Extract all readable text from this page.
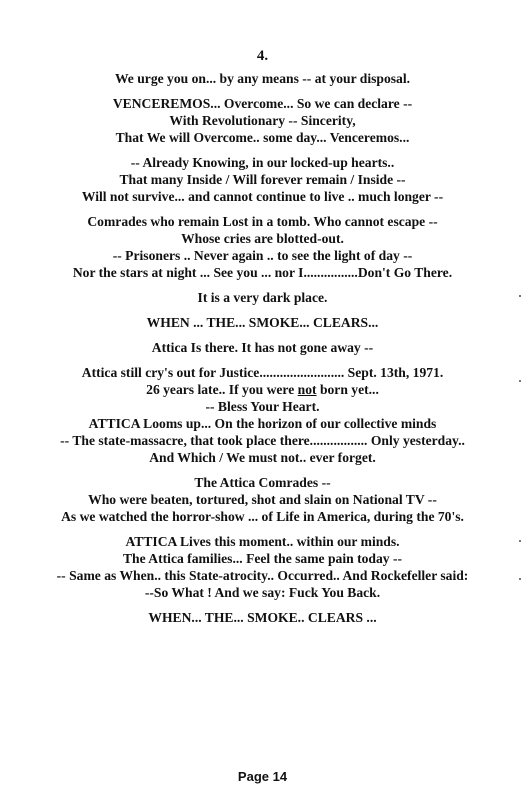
4.
We urge you on... by any means -- at your disposal.
VENCEREMOS... Overcome... So we can declare --
With Revolutionary -- Sincerity,
That We will Overcome.. some day... Venceremos...
-- Already Knowing, in our locked-up hearts..
That many Inside / Will forever remain / Inside --
Will not survive... and cannot continue to live .. much longer --
Comrades who remain Lost in a tomb. Who cannot escape --
Whose cries are blotted-out.
-- Prisoners .. Never again .. to see the light of day --
Nor the stars at night ... See you ... nor I................Don't Go There.
It is a very dark place.
WHEN ... THE... SMOKE... CLEARS...
Attica Is there. It has not gone away --
Attica still cry's out for Justice......................... Sept. 13th, 1971.
26 years late.. If you were not born yet...
-- Bless Your Heart.
ATTICA Looms up... On the horizon of our collective minds
-- The state-massacre, that took place there................. Only yesterday..
And Which / We must not.. ever forget.
The Attica Comrades --
Who were beaten, tortured, shot and slain on National TV --
As we watched the horror-show ... of Life in America, during the 70's.
ATTICA Lives this moment.. within our minds.
The Attica families... Feel the same pain today --
-- Same as When.. this State-atrocity.. Occurred.. And Rockefeller said:
--So What ! And we say: Fuck You Back.
WHEN... THE... SMOKE.. CLEARS ...
Page 14
